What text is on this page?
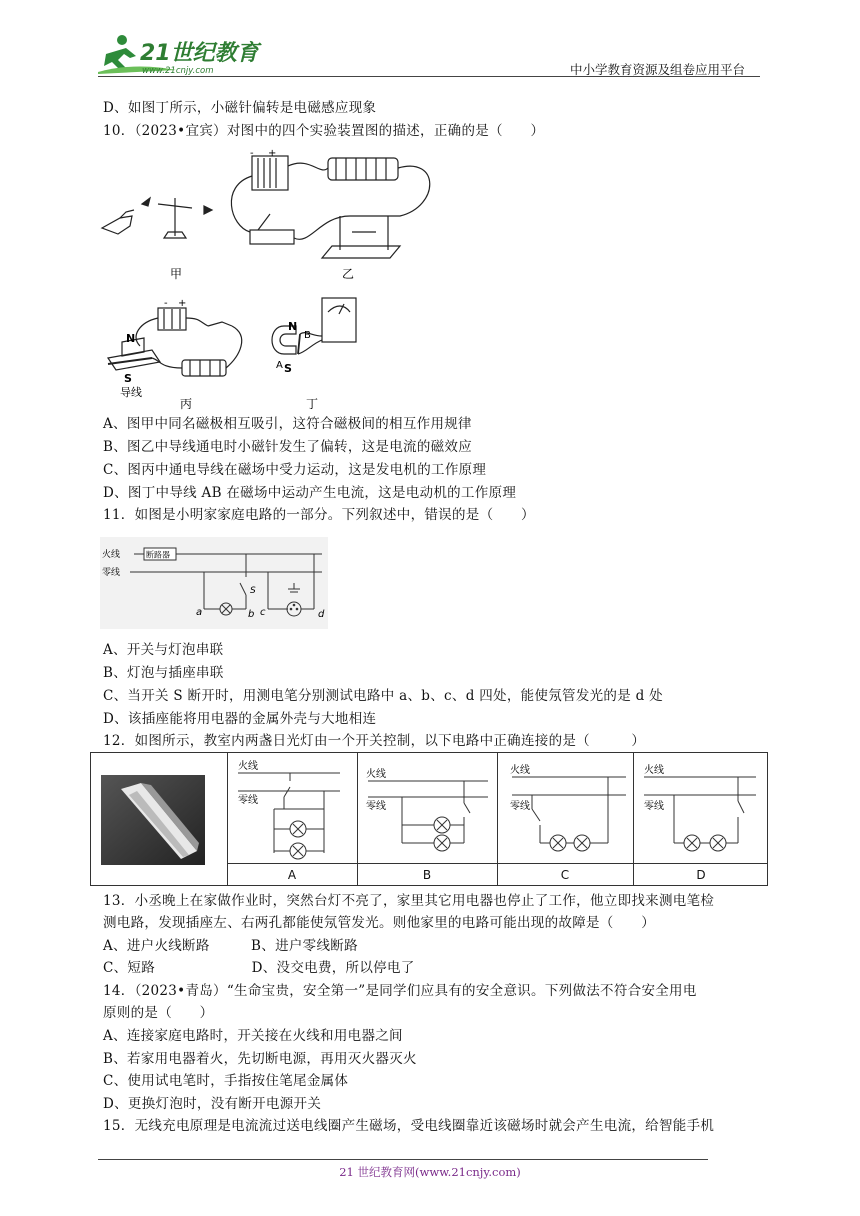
21世纪教育
www.21cnjy.com	中小学教育资源及组卷应用平台
D、如图丁所示，小磁针偏转是电磁感应现象
10．（2023•宜宾）对图中的四个实验装置图的描述，正确的是（　　）
+
-
- +
甲	乙
N
S
导线
丙
N
B
A S
丁
A、图甲中同名磁极相互吸引，这符合磁极间的相互作用规律
B、图乙中导线通电时小磁针发生了偏转，这是电流的磁效应
C、图丙中通电导线在磁场中受力运动，这是发电机的工作原理
D、图丁中导线 AB 在磁场中运动产生电流，这是电动机的工作原理
11．如图是小明家家庭电路的一部分。下列叙述中，错误的是（　　）
火线
零线
断路器
S
a	b c	d
A、开关与灯泡串联
B、灯泡与插座串联
C、当开关 S 断开时，用测电笔分别测试电路中 a、b、c、d 四处，能使氖管发光的是 d 处
D、该插座能将用电器的金属外壳与大地相连
12．如图所示，教室内两盏日光灯由一个开关控制，以下电路中正确连接的是（　　　）
火线
零线
火线
零线
火线
零线
火线
零线
A	B	C	D
13．小丞晚上在家做作业时，突然台灯不亮了，家里其它用电器也停止了工作，他立即找来测电笔检
测电路，发现插座左、右两孔都能使氖管发光。则他家里的电路可能出现的故障是（　　）
A、进户火线断路　　　B、进户零线断路
C、短路　　　　　　　D、没交电费，所以停电了
14．（2023•青岛）“生命宝贵，安全第一”是同学们应具有的安全意识。下列做法不符合安全用电
原则的是（　　）
A、连接家庭电路时，开关接在火线和用电器之间
B、若家用电器着火，先切断电源，再用灭火器灭火
C、使用试电笔时，手指按住笔尾金属体
D、更换灯泡时，没有断开电源开关
15．无线充电原理是电流流过送电线圈产生磁场，受电线圈靠近该磁场时就会产生电流，给智能手机
21 世纪教育网(www.21cnjy.com)
